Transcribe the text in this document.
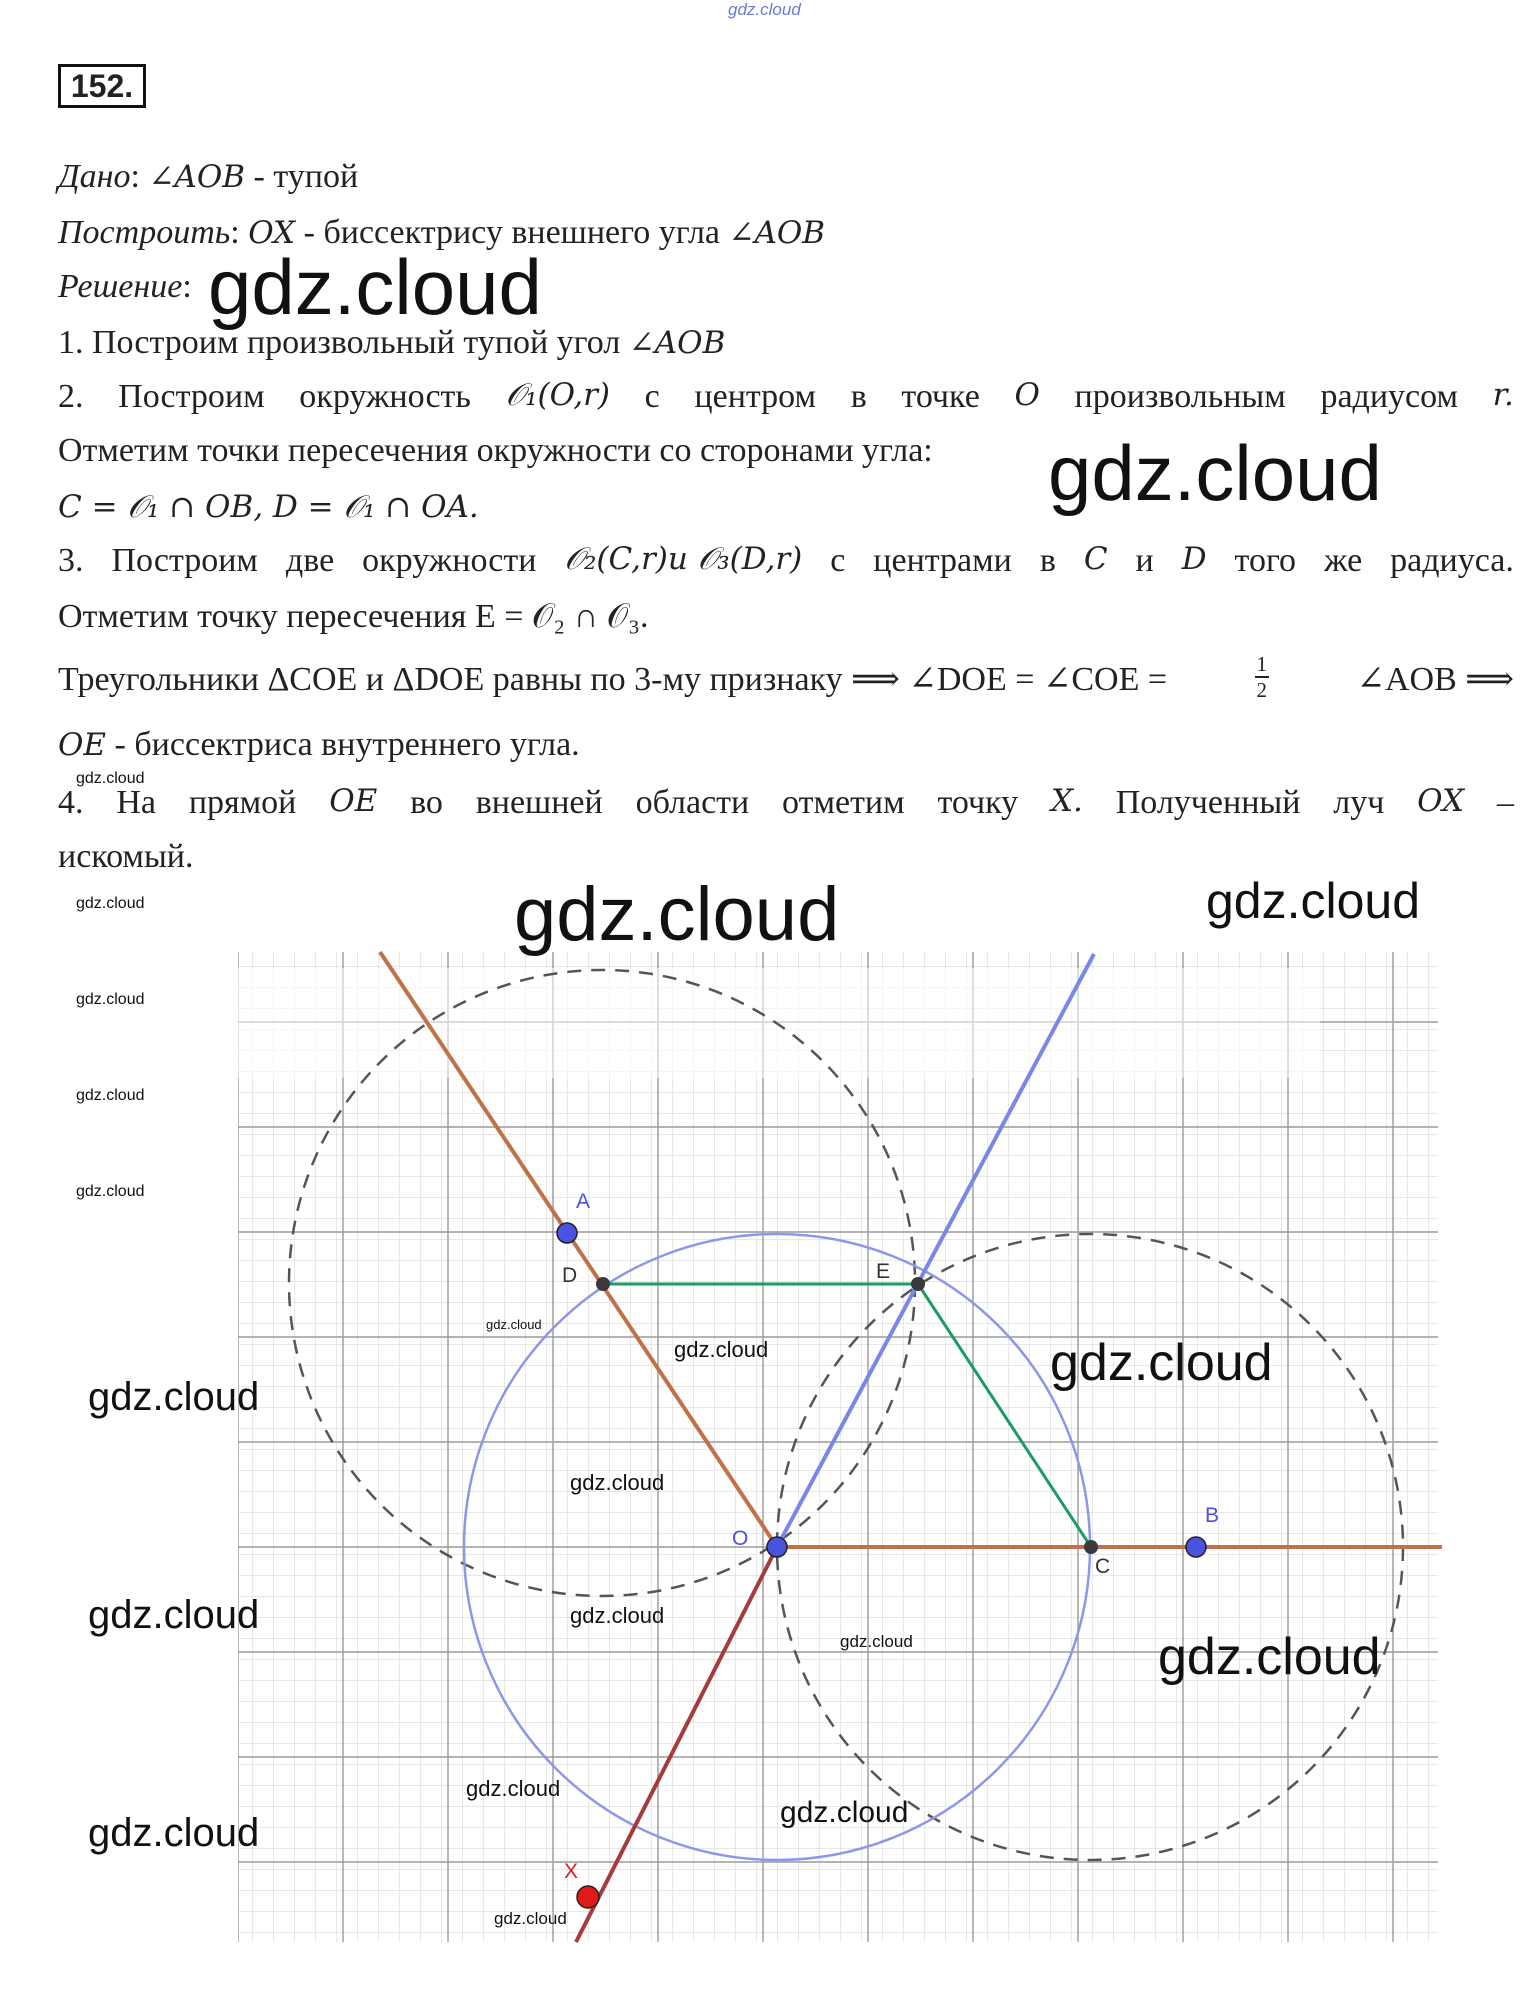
gdz.cloud
152.
Дано: ∠AOB - тупой
Построить: OX - биссектрису внешнего угла ∠AOB
Решение: gdz.cloud
1. Построим произвольный тупой угол ∠AOB
2. Построим окружность 𝒪₁(O,r) с центром в точке O произвольным радиусом r.
Отметим точки пересечения окружности со сторонами угла:
C = 𝒪₁ ∩ OB, D = 𝒪₁ ∩ OA.	gdz.cloud
3. Построим две окружности 𝒪₂(C,r)и 𝒪₃(D,r) с центрами в C и D того же радиуса.
Отметим точку пересечения E = 𝒪₂ ∩ 𝒪₃.
Треугольники ΔCOE и ΔDOE равны по 3-му признаку ⟹ ∠DOE = ∠COE =	$\frac{1}{2}$	∠AOB ⟹
OE - биссектриса внутреннего угла.
gdz.cloud
4. На прямой OE во внешней области отметим точку X. Полученный луч OX –
искомый.
A
B
O
D	E
C
X
gdz.cloud	gdz.cloud
gdz.cloud
gdz.cloud
gdz.cloud
gdz.cloud
gdz.cloud
gdz.cloud
gdz.cloud
gdz.cloud
gdz.cloud
gdz.cloud
gdz.cloud
gdz.cloud
gdz.cloud
gdz.cloud
gdz.cloud
gdz.cloud
gdz.cloud
